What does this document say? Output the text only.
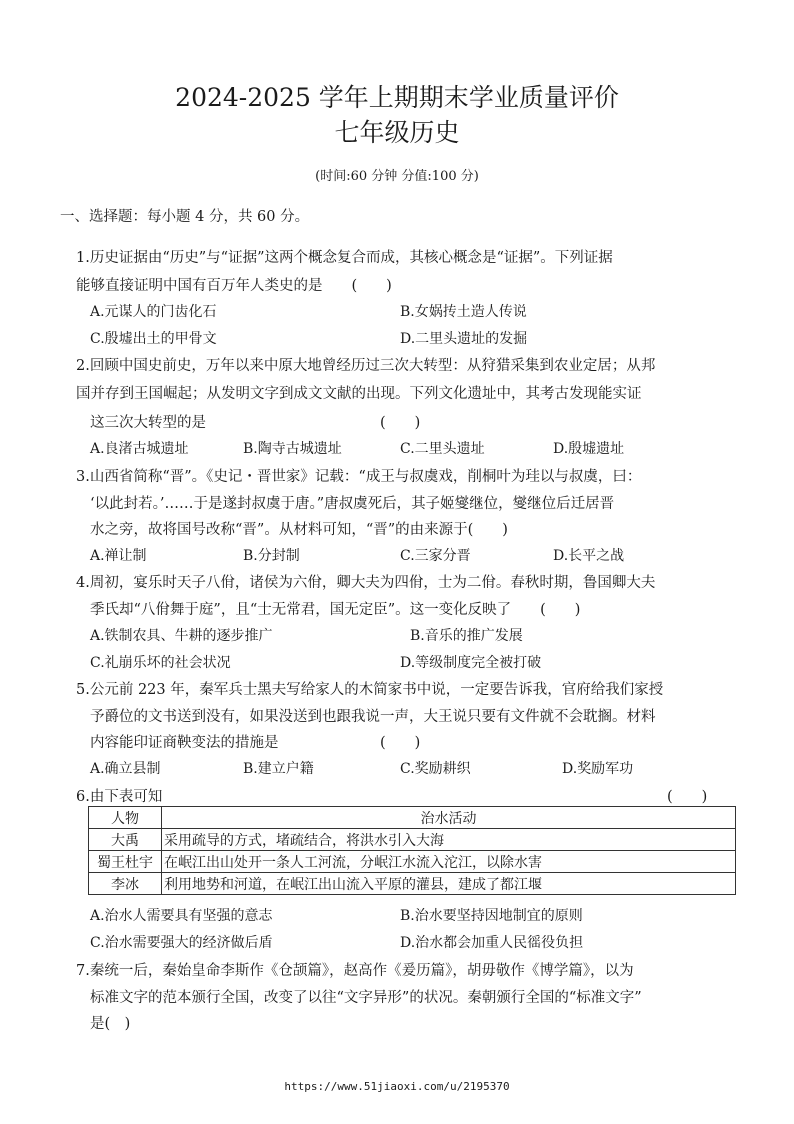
2024-2025 学年上期期末学业质量评价
七年级历史
(时间:60 分钟 分值:100 分)
一、选择题：每小题 4 分，共 60 分。
1.历史证据由“历史”与“证据”这两个概念复合而成，其核心概念是“证据”。下列证据
能够直接证明中国有百万年人类史的是　　(　　)
A.元谋人的门齿化石	B.女娲抟土造人传说
C.殷墟出土的甲骨文	D.二里头遗址的发掘
2.回顾中国史前史，万年以来中原大地曾经历过三次大转型：从狩猎采集到农业定居；从邦
国并存到王国崛起；从发明文字到成文文献的出现。下列文化遗址中，其考古发现能实证
这三次大转型的是　　　　　　　　　　　　(　　)
A.良渚古城遗址	B.陶寺古城遗址	C.二里头遗址	D.殷墟遗址
3.山西省简称“晋”。《史记・晋世家》记载：“成王与叔虞戏，削桐叶为珪以与叔虞，曰：
‘以此封若。’……于是遂封叔虞于唐。”唐叔虞死后，其子姬燮继位，燮继位后迁居晋
水之旁，故将国号改称“晋”。从材料可知，“晋”的由来源于(　　)
A.禅让制	B.分封制	C.三家分晋	D.长平之战
4.周初，宴乐时天子八佾，诸侯为六佾，卿大夫为四佾，士为二佾。春秋时期，鲁国卿大夫
季氏却“八佾舞于庭”，且“士无常君，国无定臣”。这一变化反映了　　(　　)
A.铁制农具、牛耕的逐步推广	B.音乐的推广发展
C.礼崩乐坏的社会状况	D.等级制度完全被打破
5.公元前 223 年，秦军兵士黑夫写给家人的木简家书中说，一定要告诉我，官府给我们家授
予爵位的文书送到没有，如果没送到也跟我说一声，大王说只要有文件就不会耽搁。材料
内容能印证商鞅变法的措施是　　　　　　　(　　)
A.确立县制	B.建立户籍	C.奖励耕织	D.奖励军功
6.由下表可知	(　　)
人物	治水活动
大禹	采用疏导的方式，堵疏结合，将洪水引入大海
蜀王杜宇	在岷江出山处开一条人工河流，分岷江水流入沱江，以除水害
李冰	利用地势和河道，在岷江出山流入平原的灌县，建成了都江堰
A.治水人需要具有坚强的意志	B.治水要坚持因地制宜的原则
C.治水需要强大的经济做后盾	D.治水都会加重人民徭役负担
7.秦统一后，秦始皇命李斯作《仓颉篇》，赵高作《爰历篇》，胡毋敬作《博学篇》，以为
标准文字的范本颁行全国，改变了以往“文字异形”的状况。秦朝颁行全国的“标准文字”
是(　)
https://www.51jiaoxi.com/u/2195370
